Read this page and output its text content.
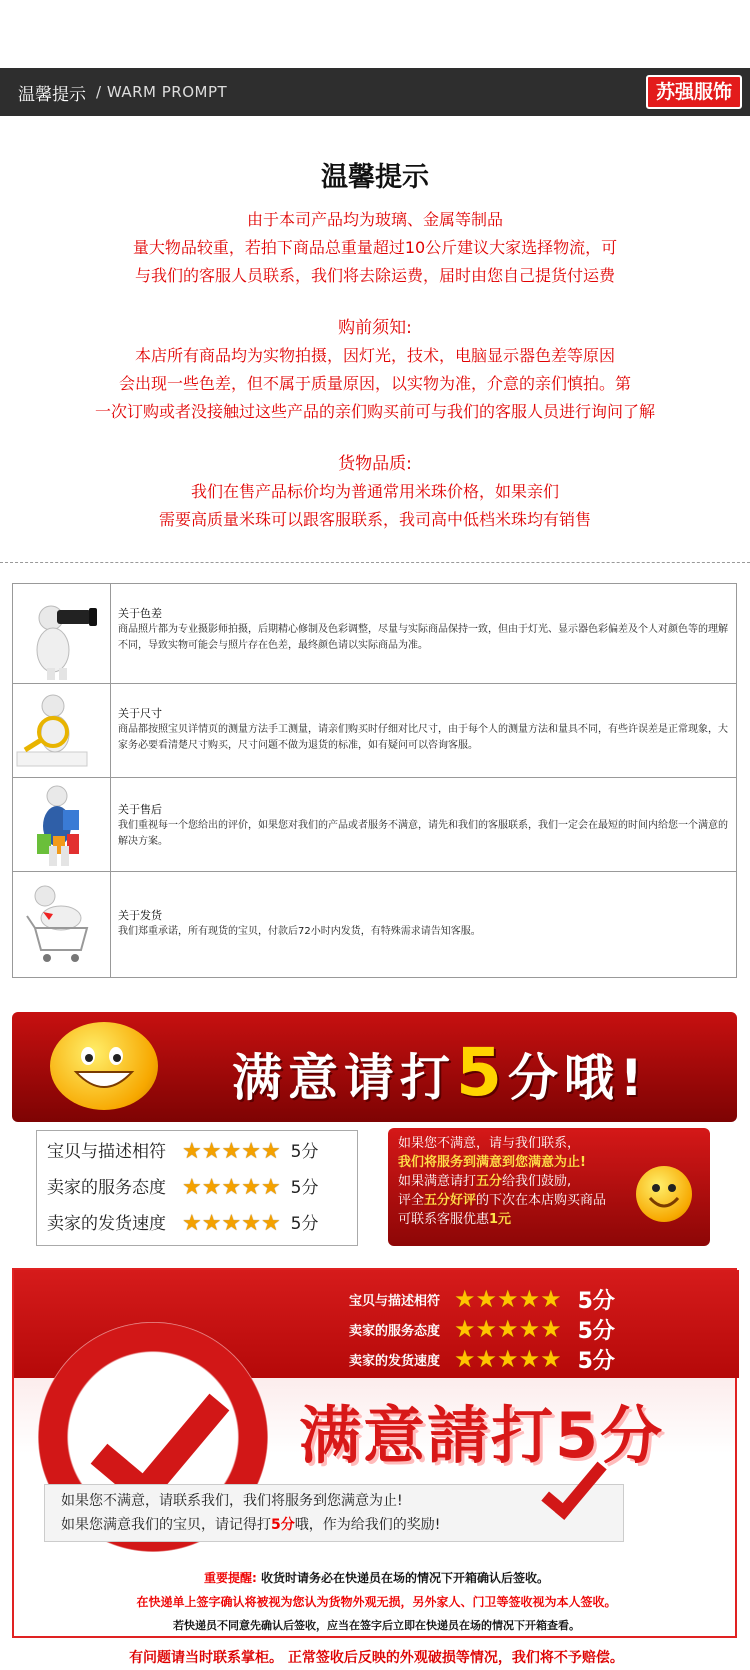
温馨提示 / WARM PROMPT	苏强服饰
温馨提示

由于本司产品均为玻璃、金属等制品

量大物品较重，若拍下商品总重量超过10公斤建议大家选择物流，可

与我们的客服人员联系，我们将去除运费，届时由您自己提货付运费

购前须知:

本店所有商品均为实物拍摄，因灯光，技术，电脑显示器色差等原因

会出现一些色差，但不属于质量原因，以实物为准，介意的亲们慎拍。第

一次订购或者没接触过这些产品的亲们购买前可与我们的客服人员进行询问了解

货物品质:

我们在售产品标价均为普通常用米珠价格，如果亲们

需要高质量米珠可以跟客服联系，我司高中低档米珠均有销售

关于色差
商品照片都为专业摄影师拍摄，后期精心修制及色彩调整，尽量与实际商品保持一致，但由于灯光、显示器色彩偏差及个人对颜色等的理解不同，导致实物可能会与照片存在色差，最终颜色请以实际商品为准。
关于尺寸
商品都按照宝贝详情页的测量方法手工测量，请亲们购买时仔细对比尺寸，由于每个人的测量方法和量具不同，有些许误差是正常现象，大家务必要看清楚尺寸购买，尺寸问题不做为退货的标准，如有疑问可以咨询客服。
关于售后
我们重视每一个您给出的评价，如果您对我们的产品或者服务不满意，请先和我们的客服联系，我们一定会在最短的时间内给您一个满意的解决方案。
关于发货
我们郑重承诺，所有现货的宝贝，付款后72小时内发货，有特殊需求请告知客服。
满意请打5分哦!
宝贝与描述相符 ★ ★ ★ ★ ★ 5分
卖家的服务态度 ★ ★ ★ ★ ★ 5分
卖家的发货速度 ★ ★ ★ ★ ★ 5分
如果您不满意，请与我们联系，
我们将服务到满意到您满意为止!
如果满意请打五分给我们鼓励,
评全五分好评的下次在本店购买商品
可联系客服优惠1元
宝贝与描述相符 ★ ★ ★ ★ ★ 5分
卖家的服务态度 ★ ★ ★ ★ ★ 5分
卖家的发货速度 ★ ★ ★ ★ ★ 5分
满意請打5分
如果您不满意，请联系我们，我们将服务到您满意为止!
如果您满意我们的宝贝，请记得打5分哦，作为给我们的奖励!
重要提醒: 收货时请务必在快递员在场的情况下开箱确认后签收。
在快递单上签字确认将被视为您认为货物外观无损，另外家人、门卫等签收视为本人签收。
若快递员不同意先确认后签收，应当在签字后立即在快递员在场的情况下开箱查看。
有问题请当时联系掌柜。 正常签收后反映的外观破损等情况，我们将不予赔偿。
